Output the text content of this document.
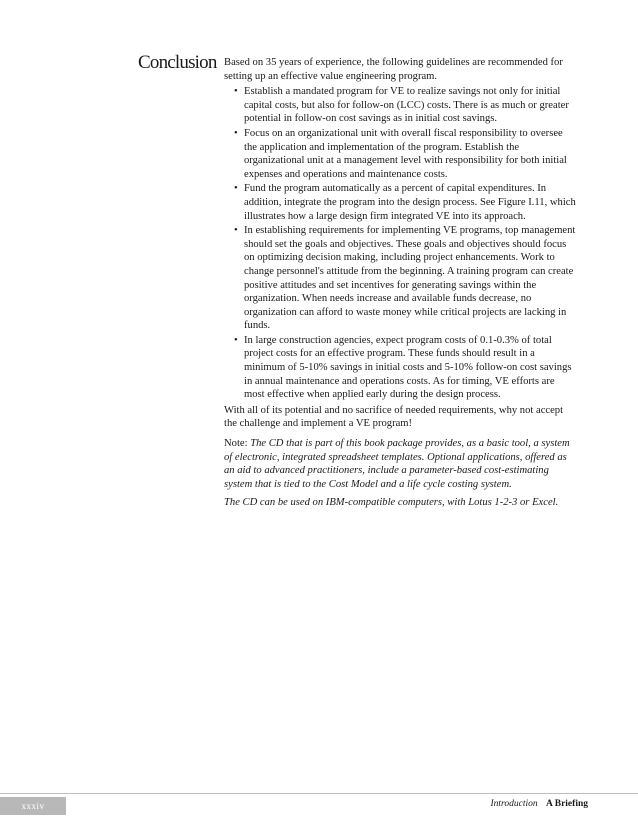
Conclusion Based on 35 years of experience, the following guidelines are recommended for setting up an effective value engineering program.

• Establish a mandated program for VE to realize savings not only for initial capital costs, but also for follow-on (LCC) costs. There is as much or greater potential in follow-on cost savings as in initial cost savings.
• Focus on an organizational unit with overall fiscal responsibility to oversee the application and implementation of the program. Establish the organizational unit at a management level with responsibility for both initial expenses and operations and maintenance costs.
• Fund the program automatically as a percent of capital expenditures. In addition, integrate the program into the design process. See Figure I.11, which illustrates how a large design firm integrated VE into its approach.
• In establishing requirements for implementing VE programs, top management should set the goals and objectives. These goals and objectives should focus on optimizing decision making, including project enhancements. Work to change personnel's attitude from the beginning. A training program can create positive attitudes and set incentives for generating savings within the organization. When needs increase and available funds decrease, no organization can afford to waste money while critical projects are lacking in funds.
• In large construction agencies, expect program costs of 0.1-0.3% of total project costs for an effective program. These funds should result in a minimum of 5-10% savings in initial costs and 5-10% follow-on cost savings in annual maintenance and operations costs. As for timing, VE efforts are most effective when applied early during the design process.

With all of its potential and no sacrifice of needed requirements, why not accept the challenge and implement a VE program!

Note: The CD that is part of this book package provides, as a basic tool, a system of electronic, integrated spreadsheet templates. Optional applications, offered as an aid to advanced practitioners, include a parameter-based cost-estimating system that is tied to the Cost Model and a life cycle costing system.

The CD can be used on IBM-compatible computers, with Lotus 1-2-3 or Excel.

xxxiv	Introduction A Briefing
